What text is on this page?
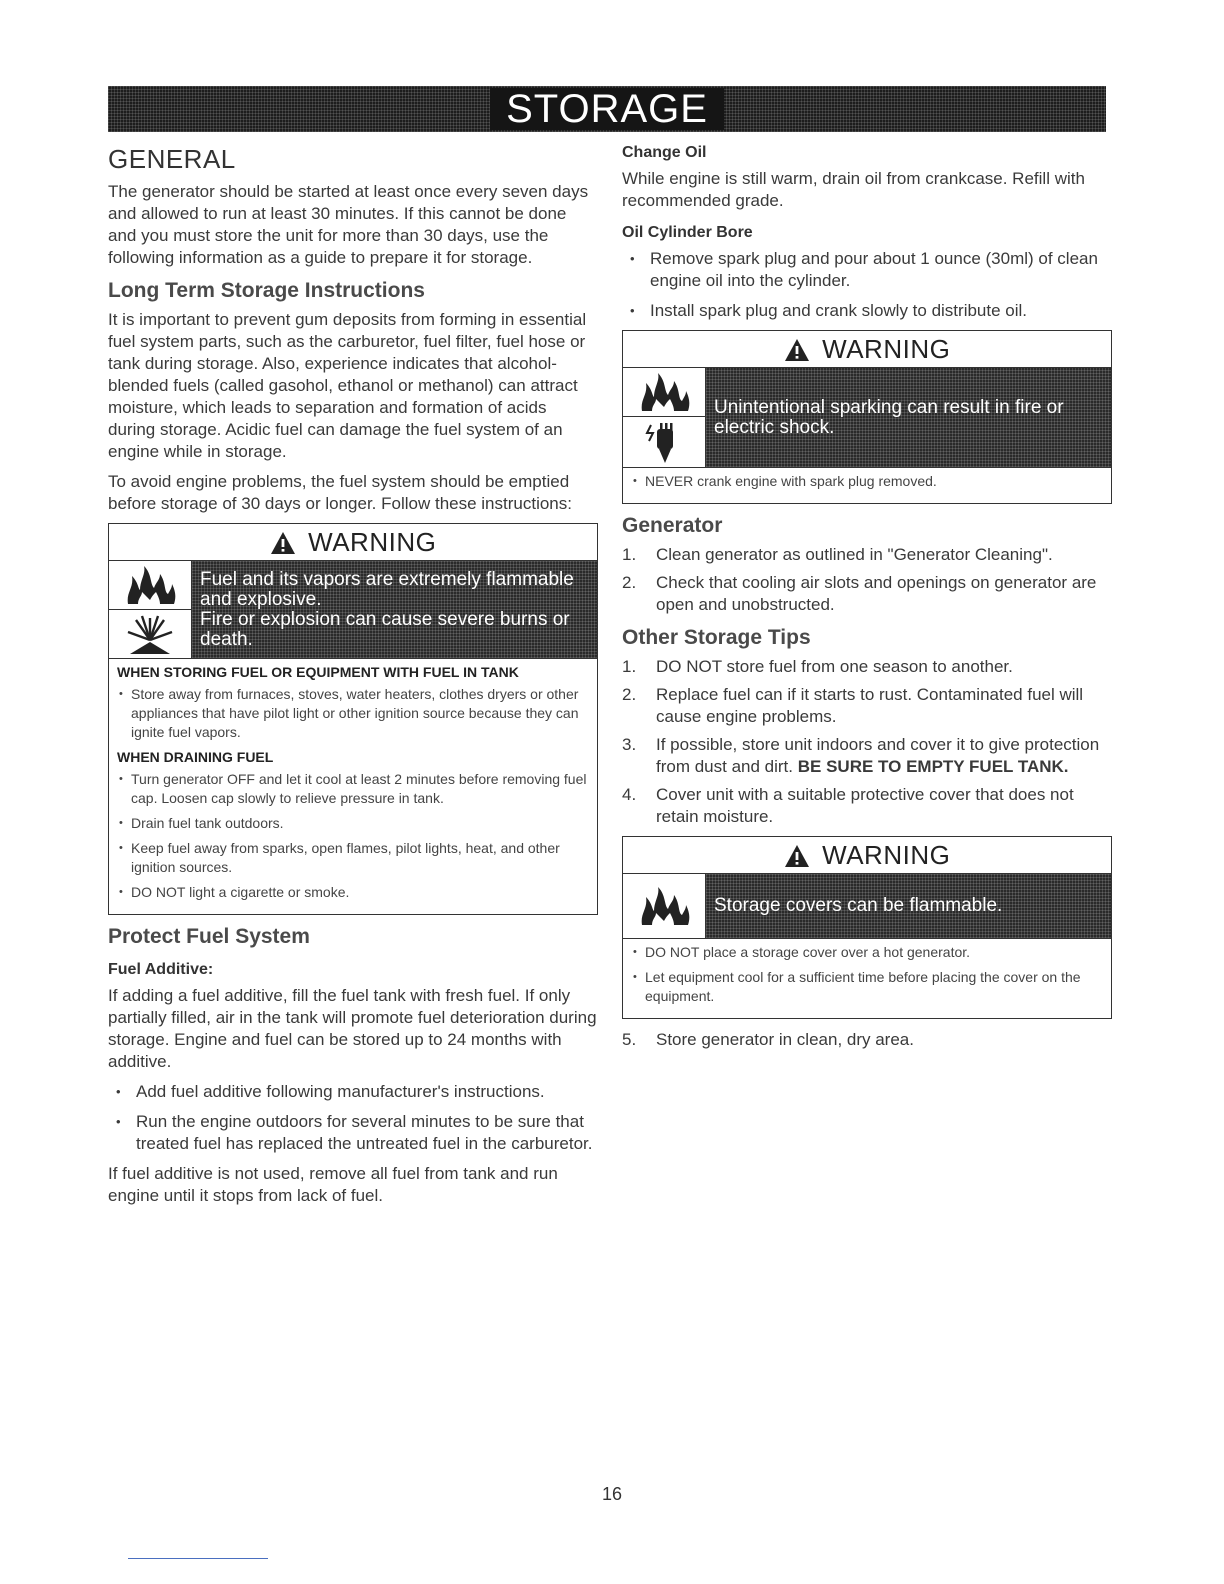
STORAGE
GENERAL

The generator should be started at least once every seven days and allowed to run at least 30 minutes. If this cannot be done and you must store the unit for more than 30 days, use the following information as a guide to prepare it for storage.

Long Term Storage Instructions

It is important to prevent gum deposits from forming in essential fuel system parts, such as the carburetor, fuel filter, fuel hose or tank during storage. Also, experience indicates that alcohol-blended fuels (called gasohol, ethanol or methanol) can attract moisture, which leads to separation and formation of acids during storage. Acidic fuel can damage the fuel system of an engine while in storage.

To avoid engine problems, the fuel system should be emptied before storage of 30 days or longer. Follow these instructions:

WARNING
Fuel and its vapors are extremely flammable and explosive.
Fire or explosion can cause severe burns or death.
WHEN STORING FUEL OR EQUIPMENT WITH FUEL IN TANK
• Store away from furnaces, stoves, water heaters, clothes dryers or other appliances that have pilot light or other ignition source because they can ignite fuel vapors.
WHEN DRAINING FUEL
• Turn generator OFF and let it cool at least 2 minutes before removing fuel cap. Loosen cap slowly to relieve pressure in tank.
• Drain fuel tank outdoors.
• Keep fuel away from sparks, open flames, pilot lights, heat, and other ignition sources.
• DO NOT light a cigarette or smoke.
Protect Fuel System
Fuel Additive:

If adding a fuel additive, fill the fuel tank with fresh fuel. If only partially filled, air in the tank will promote fuel deterioration during storage. Engine and fuel can be stored up to 24 months with additive.

• Add fuel additive following manufacturer's instructions.
• Run the engine outdoors for several minutes to be sure that treated fuel has replaced the untreated fuel in the carburetor.

If fuel additive is not used, remove all fuel from tank and run engine until it stops from lack of fuel.

Change Oil

While engine is still warm, drain oil from crankcase. Refill with recommended grade.

Oil Cylinder Bore
• Remove spark plug and pour about 1 ounce (30ml) of clean engine oil into the cylinder.
• Install spark plug and crank slowly to distribute oil.
WARNING
Unintentional sparking can result in fire or electric shock.
• NEVER crank engine with spark plug removed.
Generator
1.	Clean generator as outlined in "Generator Cleaning".
2.	Check that cooling air slots and openings on generator are open and unobstructed.
Other Storage Tips
1.	DO NOT store fuel from one season to another.
2.	Replace fuel can if it starts to rust. Contaminated fuel will cause engine problems.
3.	If possible, store unit indoors and cover it to give protection from dust and dirt. BE SURE TO EMPTY FUEL TANK.
4.	Cover unit with a suitable protective cover that does not retain moisture.
WARNING
Storage covers can be flammable.
• DO NOT place a storage cover over a hot generator.
• Let equipment cool for a sufficient time before placing the cover on the equipment.
5.	Store generator in clean, dry area.
16
